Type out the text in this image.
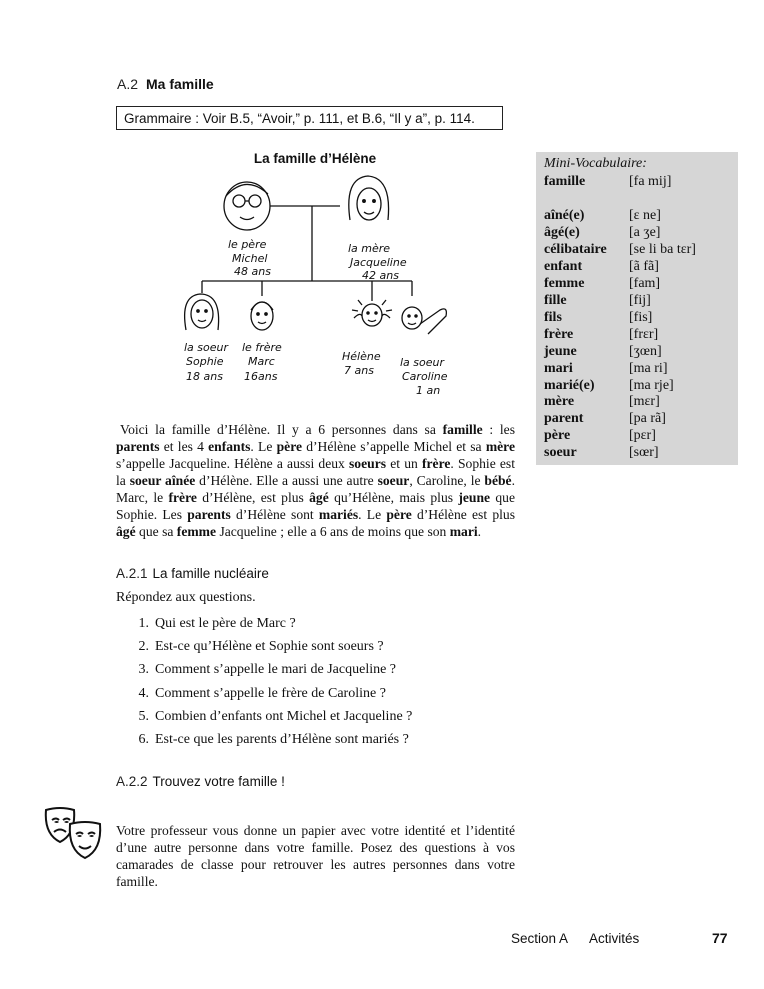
A.2 Ma famille
Grammaire : Voir B.5, “Avoir,” p. 111, et B.6, “Il y a”, p. 114.
La famille d’Hélène
le père
Michel
48 ans
la mère
Jacqueline
42 ans
la soeur
Sophie
18 ans
le frère
Marc
16ans
Hélène
7 ans
la soeur
Caroline
1 an
Mini-Vocabulaire:
famille	[fa mij]
aîné(e)	[ɛ ne]
âgé(e)	[a ʒe]
célibataire [se li ba tɛr]
enfant	[ã fã]
femme	[fam]
fille	[fij]
fils	[fis]
frère	[frɛr]
jeune	[ʒœn]
mari	[ma ri]
marié(e) [ma rje]
mère	[mɛr]
parent	[pa rã]
père	[pɛr]
soeur	[sœr]
Voici la famille d’Hélène. Il y a 6 personnes dans sa famille : les parents et les 4 enfants. Le père d’Hélène s’appelle Michel et sa mère s’appelle Jacqueline. Hélène a aussi deux soeurs et un frère. Sophie est la soeur aînée d’Hélène. Elle a aussi une autre soeur, Caroline, le bébé. Marc, le frère d’Hélène, est plus âgé qu’Hélène, mais plus jeune que Sophie. Les parents d’Hélène sont mariés. Le père d’Hélène est plus âgé que sa femme Jacqueline ; elle a 6 ans de moins que son mari.
A.2.1 La famille nucléaire
Répondez aux questions.
1. Qui est le père de Marc ?
2. Est-ce qu’Hélène et Sophie sont soeurs ?
3. Comment s’appelle le mari de Jacqueline ?
4. Comment s’appelle le frère de Caroline ?
5. Combien d’enfants ont Michel et Jacqueline ?
6. Est-ce que les parents d’Hélène sont mariés ?
A.2.2 Trouvez votre famille !
Votre professeur vous donne un papier avec votre identité et l’identité d’une autre personne dans votre famille. Posez des questions à vos camarades de classe pour retrouver les autres personnes dans votre famille.
Section A Activités	77
